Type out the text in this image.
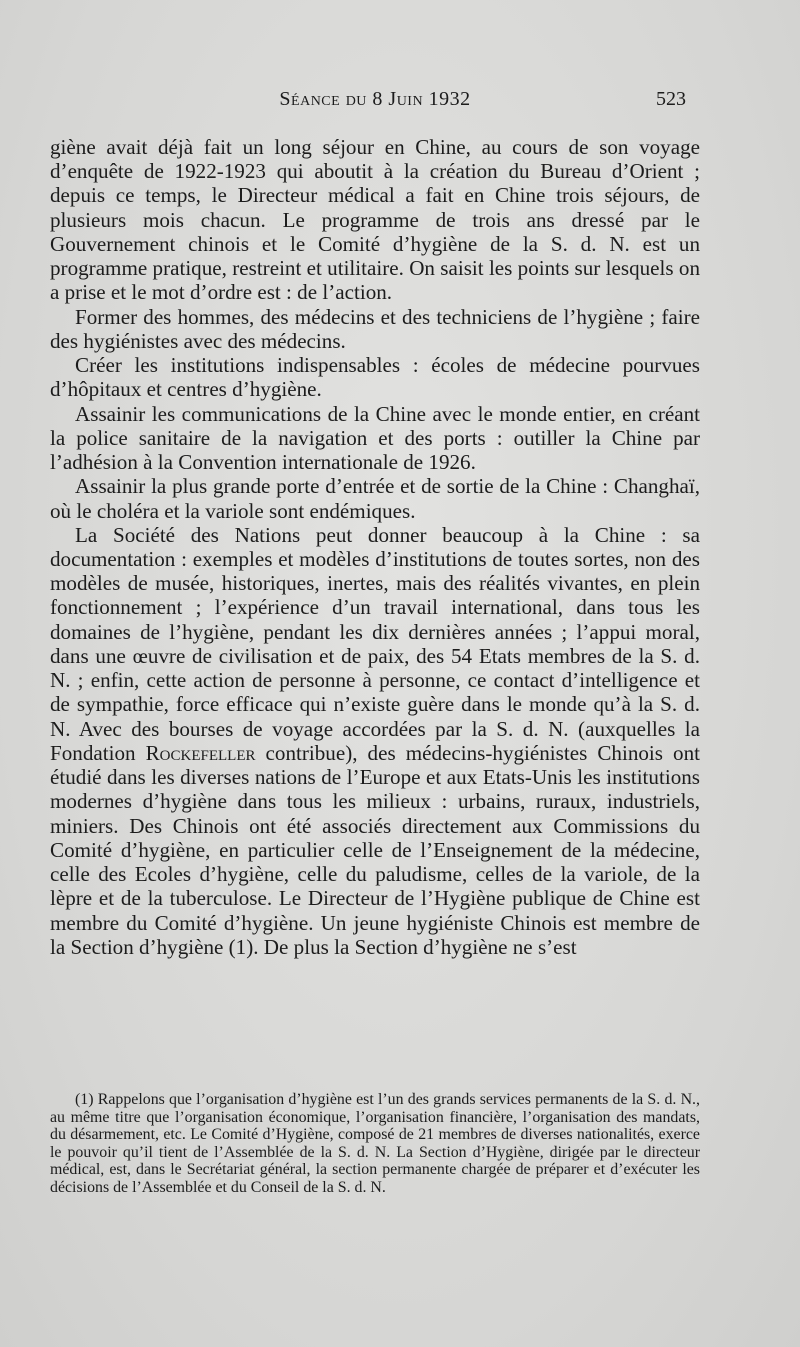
Séance du 8 Juin 1932	523

giène avait déjà fait un long séjour en Chine, au cours de son voyage d’enquête de 1922-1923 qui aboutit à la création du Bureau d’Orient ; depuis ce temps, le Directeur médical a fait en Chine trois séjours, de plusieurs mois chacun. Le programme de trois ans dressé par le Gouvernement chinois et le Comité d’hygiène de la S. d. N. est un programme pratique, restreint et utilitaire. On saisit les points sur lesquels on a prise et le mot d’ordre est : de l’action.

Former des hommes, des médecins et des techniciens de l’hygiène ; faire des hygiénistes avec des médecins.

Créer les institutions indispensables : écoles de médecine pourvues d’hôpitaux et centres d’hygiène.

Assainir les communications de la Chine avec le monde entier, en créant la police sanitaire de la navigation et des ports : outiller la Chine par l’adhésion à la Convention internationale de 1926.

Assainir la plus grande porte d’entrée et de sortie de la Chine : Changhaï, où le choléra et la variole sont endémiques.

La Société des Nations peut donner beaucoup à la Chine : sa documentation : exemples et modèles d’institutions de toutes sortes, non des modèles de musée, historiques, inertes, mais des réalités vivantes, en plein fonctionnement ; l’expérience d’un travail international, dans tous les domaines de l’hygiène, pendant les dix dernières années ; l’appui moral, dans une œuvre de civilisation et de paix, des 54 Etats membres de la S. d. N. ; enfin, cette action de personne à personne, ce contact d’intelligence et de sympathie, force efficace qui n’existe guère dans le monde qu’à la S. d. N. Avec des bourses de voyage accordées par la S. d. N. (auxquelles la Fondation Rockefeller contribue), des médecins-hygiénistes Chinois ont étudié dans les diverses nations de l’Europe et aux Etats-Unis les institutions modernes d’hygiène dans tous les milieux : urbains, ruraux, industriels, miniers. Des Chinois ont été associés directement aux Commissions du Comité d’hygiène, en particulier celle de l’Enseignement de la médecine, celle des Ecoles d’hygiène, celle du paludisme, celles de la variole, de la lèpre et de la tuberculose. Le Directeur de l’Hygiène publique de Chine est membre du Comité d’hygiène. Un jeune hygiéniste Chinois est membre de la Section d’hygiène (1). De plus la Section d’hygiène ne s’est

(1) Rappelons que l’organisation d’hygiène est l’un des grands services permanents de la S. d. N., au même titre que l’organisation économique, l’organisation financière, l’organisation des mandats, du désarmement, etc. Le Comité d’Hygiène, composé de 21 membres de diverses nationalités, exerce le pouvoir qu’il tient de l’Assemblée de la S. d. N. La Section d’Hygiène, dirigée par le directeur médical, est, dans le Secrétariat général, la section permanente chargée de préparer et d’exécuter les décisions de l’Assemblée et du Conseil de la S. d. N.
